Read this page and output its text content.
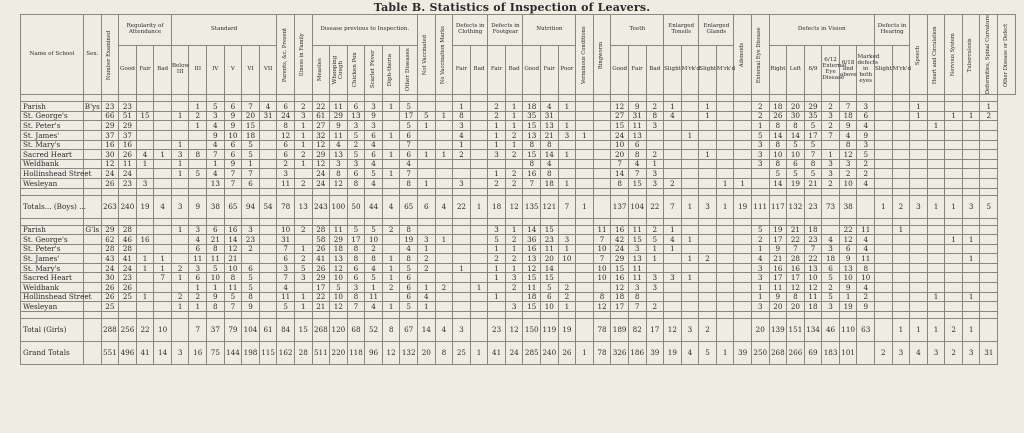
Table B. Statistics of Inspection of Leavers.
Name of School	Sex.	Number Examined	Regularity of Attendance			Standard						Parents, &c. Present	Illness in Family	Disease previous to Inspection.						Not Vaccinated	No Vaccination Marks	Defects in Clothing		Defects in Footgear		Nutrition			Verminous Conditions	Ringworm	Teeth			Enlarged Tonsils		Enlarged Glands		Adenoids	External Eye Disease	Defects in Vision						Defects in Hearing		Speech	Heart and Circulation	Nervous System	Tuberculosis	Deformities, Spinal Curvature	Other Disease or Defect
			Good	Fair	Bad	Below III	III	IV	V	VI	VII			Measles	Whooping Cough	Chicken Pox	Scarlet Fever	Diph-theria	Other Diseases			Fair	Bad	Fair	Bad	Good	Fair	Poor			Good	Fair	Bad	Slight	M'rk'd	Slight	M'rk'd			Right	Left	6/9	6/12 External Eye Disease	6/18 and above	Marked defects in both eyes	Slight	M'rk'd						

Parish	B'ys	23	23				1	5	6	7	4	6	2	22	11	6	3	1	5			1		2	1	18	4	1			12	9	2	1		1			2	18	20	29	2	7	3			1				1	
St. George's		66	51	15		1	2	3	9	20	31	24	3	61	29	13	9		17	5	1	8		2	1	35	31				27	31	8	4		1			2	26	30	35	3	18	6			1		1	1	2	
St. Peter's		29	29				1	4	9	15		8	1	27	9	3	3		5	1		3		1	1	15	13	1			15	11	3						1	8	8	5	2	9	4				1				
St. James'		37	37					9	10	18		12	1	32	11	5	6	1	6			4		1	2	13	21	3	1		24	13			1				5	14	14	17	7	4	9								
St. Mary's		16	16			1		4	6	5		6	1	12	4	2	4		7			1		1	1	8	8				10	6							3	8	5	5		8	3								
Sacred Heart		30	26	4	1	3	8	7	6	5		6	2	29	13	5	6	1	6	1	1	2		3	2	15	14	1			20	8	2			1			3	10	10	7	1	12	5								
Weldbank		12	11	1		1		1	9	1		2	1	12	3	3	4		4							8	4				7	4	1						3	8	6	8	3	3	2								
Hollinshead Street		24	24			1	5	4	7	7		3		24	8	6	5	1	7					1	2	16	8				14	7	3							5	5	5	3	2	2								
Wesleyan		26	23	3				13	7	6		11	2	24	12	8	4		8	1		3		2	2	7	18	1			8	15	3	2			1	1		14	19	21	2	10	4								

Totals... (Boys) ...		263	240	19	4	3	9	38	65	94	54	78	13	243	100	50	44	4	65	6	4	22	1	18	12	135	121	7	1		137	104	22	7	1	3	1	19	111	117	132	23	73	38		1	2	3	1	1	3	5	

Parish	G'ls	29	28			1	3	6	16	3		10	2	28	11	5	5	2	8					3	1	14	15			11	16	11	2	1					5	19	21	18		22	11		1						
St. George's		62	46	16			4	21	14	23		31		58	29	17	10		19	3	1			5	2	36	23	3		7	42	15	5	4	1				2	17	22	23	4	12	4					1	1		
St. Peter's		28	28				6	8	12	2		7	1	26	18	8	2		4	1				1	1	16	11	1		10	24	3	1	1					1	9	7	7	3	6	4								
St. James'		43	41	1	1		11	11	21			6	2	41	13	8	8	1	8	2				2	2	13	20	10		7	29	13	1		1	2			4	21	28	22	18	9	11						1		
St. Mary's		24	24	1	1	2	3	5	10	6		3	5	26	12	6	4	1	5	2		1		1	1	12	14			10	15	11							3	16	16	13	6	13	8								
Sacred Heart		30	23		7	1	6	10	8	5		7	3	29	10	6	5	1	6					1	3	15	15			10	16	11	3	3	1				3	17	17	10	5	10	10								
Weldbank		26	26				1	1	11	5		4		17	5	3	1	2	6	1	2		1		2	11	5	2			12	3	3						1	11	12	12	2	9	4								
Hollinshead Street		26	25	1		2	2	9	5	8		11	1	22	10	8	11		6	4				1		18	6	2		8	18	8							1	9	8	11	5	1	2				1		1		
Wesleyan		25				1	1	8	7	9		5	1	21	12	7	4	1	5	1					3	15	10	1		12	17	7	2						3	20	20	18	3	19	9								

Total (Girls)		288	256	22	10		7	37	79	104	61	84	15	268	120	68	52	8	67	14	4	3		23	12	150	119	19		78	189	82	17	12	3	2			20	139	151	134	46	110	63		1	1	1	2	1		
Grand Totals		551	496	41	14	3	16	75	144	198	115	162	28	511	220	118	96	12	132	20	8	25	1	41	24	285	240	26	1	78	326	186	39	19	4	5	1	39	250	268	266	69	183	101		2	3	4	3	2	3	31	
